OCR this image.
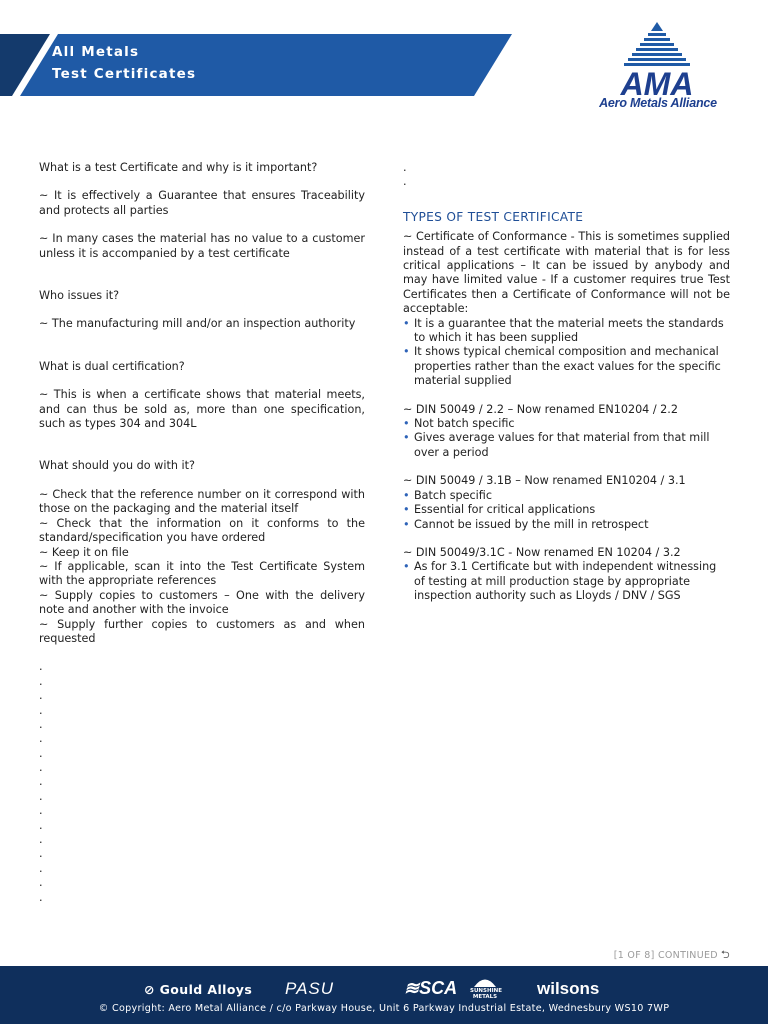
All Metals
Test Certificates	AMA
Aero Metals Alliance

What is a test Certificate and why is it important?

~ It is effectively a Guarantee that ensures Traceability and protects all parties

~ In many cases the material has no value to a customer unless it is accompanied by a test certificate

Who issues it?

~ The manufacturing mill and/or an inspection authority

What is dual certification?

~ This is when a certificate shows that material meets, and can thus be sold as, more than one specification, such as types 304 and 304L

What should you do with it?

~ Check that the reference number on it correspond with those on the packaging and the material itself

~ Check that the information on it conforms to the standard/specification you have ordered

~ Keep it on file

~ If applicable, scan it into the Test Certificate System with the appropriate references

~ Supply copies to customers – One with the delivery note and another with the invoice

~ Supply further copies to customers as and when requested

.
.
.
.
.
.
.
.
.
.
.
.
.
.
.
.
.
.
.

TYPES OF TEST CERTIFICATE

~ Certificate of Conformance - This is sometimes supplied instead of a test certificate with material that is for less critical applications – It can be issued by anybody and may have limited value - If a customer requires true Test Certificates then a Certificate of Conformance will not be acceptable:

• It is a guarantee that the material meets the standards to which it has been supplied
• It shows typical chemical composition and mechanical properties rather than the exact values for the specific material supplied

~ DIN 50049 / 2.2 – Now renamed EN10204 / 2.2

• Not batch specific
• Gives average values for that material from that mill over a period

~ DIN 50049 / 3.1B – Now renamed EN10204 / 3.1

• Batch specific
• Essential for critical applications
• Cannot be issued by the mill in retrospect

~ DIN 50049/3.1C - Now renamed EN 10204 / 3.2

• As for 3.1 Certificate but with independent witnessing of testing at mill production stage by appropriate inspection authority such as Lloyds / DNV / SGS
[1 OF 8] CONTINUED ⮌
⊘ Gould Alloys PASU	≋SCA SUNSHINE METALS wilsons
© Copyright: Aero Metal Alliance / c/o Parkway House, Unit 6 Parkway Industrial Estate, Wednesbury WS10 7WP
